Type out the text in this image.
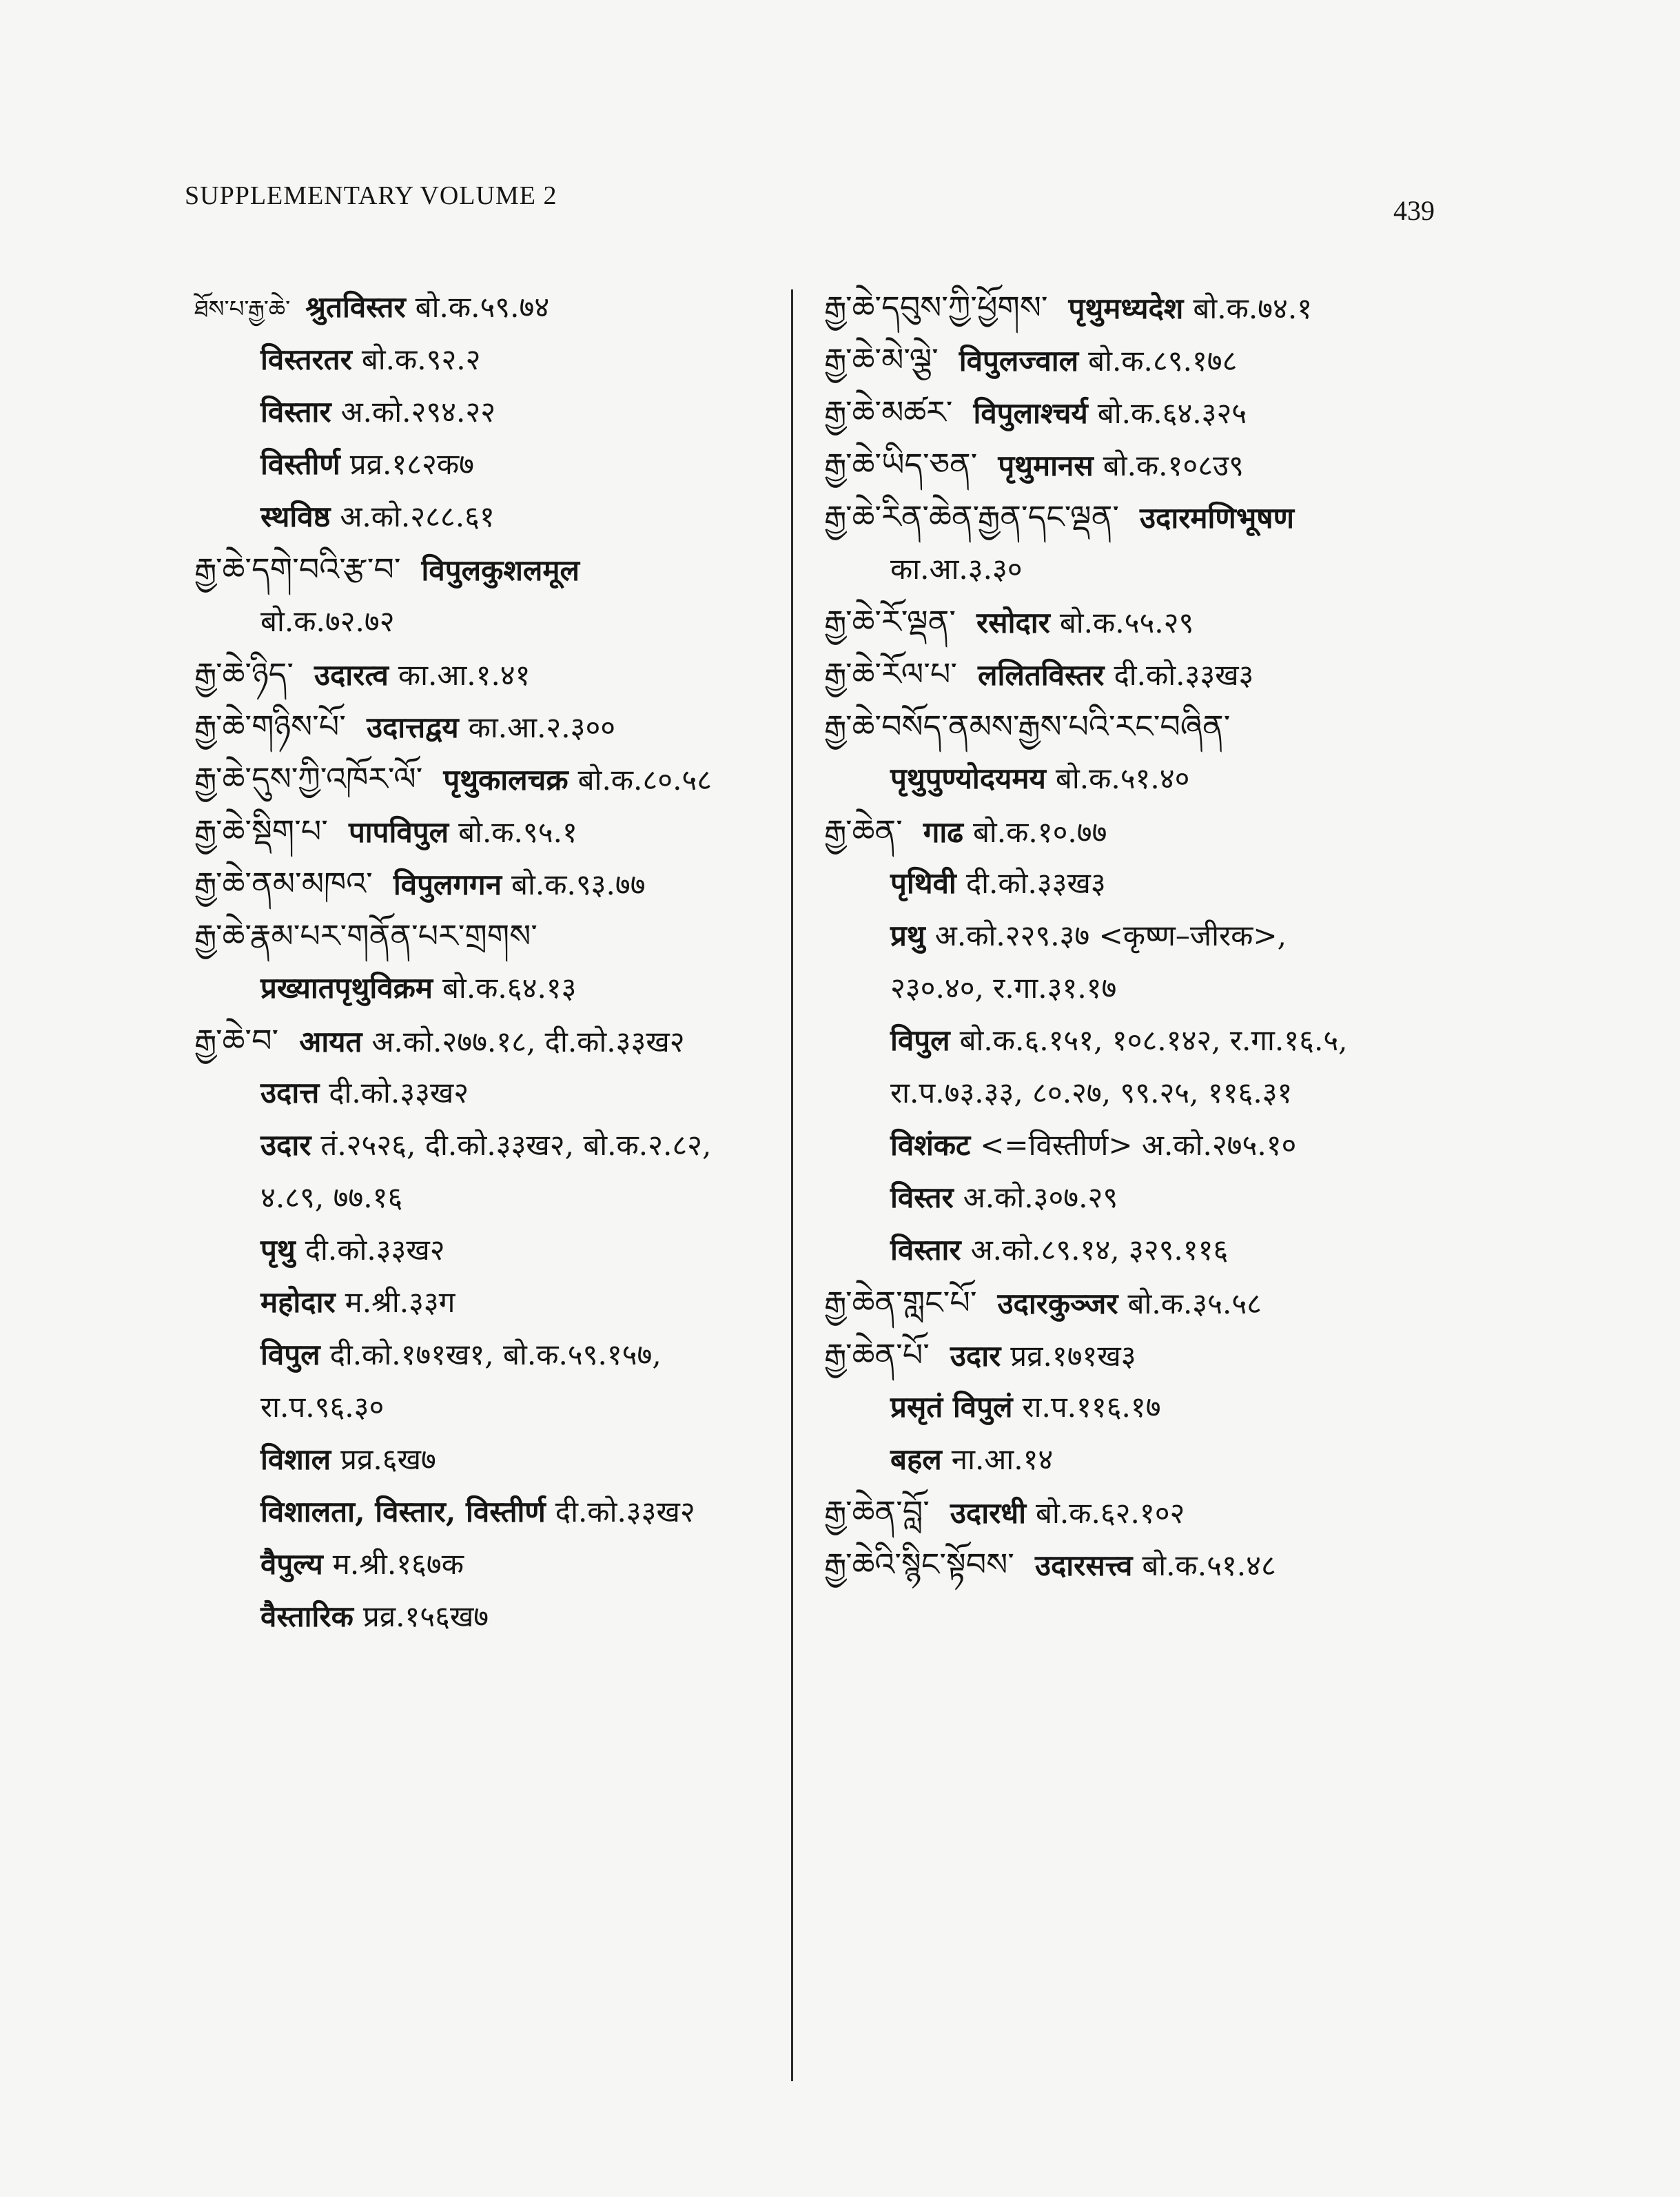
SUPPLEMENTARY VOLUME 2	439
ཐོས་པ་རྒྱ་ཆེ་ श्रुतविस्तर बो.क.५९.७४
विस्तरतर बो.क.९२.२
विस्तार अ.को.२९४.२२
विस्तीर्ण प्रव्र.१८२क७
स्थविष्ठ अ.को.२८८.६१
རྒྱ་ཆེ་དགེ་བའི་རྩ་བ་ विपुलकुशलमूल
बो.क.७२.७२
རྒྱ་ཆེ་ཉིད་ उदारत्व का.आ.१.४१
རྒྱ་ཆེ་གཉིས་པོ་ उदात्तद्वय का.आ.२.३००
རྒྱ་ཆེ་དུས་ཀྱི་འཁོར་ལོ་ पृथुकालचक्र बो.क.८०.५८
རྒྱ་ཆེ་སྡིག་པ་ पापविपुल बो.क.९५.१
རྒྱ་ཆེ་ནམ་མཁའ་ विपुलगगन बो.क.९३.७७
རྒྱ་ཆེ་རྣམ་པར་གནོན་པར་གྲགས་
प्रख्यातपृथुविक्रम बो.क.६४.१३
རྒྱ་ཆེ་བ་ आयत अ.को.२७७.१८, दी.को.३३ख२
उदात्त दी.को.३३ख२
उदार तं.२५२६, दी.को.३३ख२, बो.क.२.८२,
४.८९, ७७.१६
पृथु दी.को.३३ख२
महोदार म.श्री.३३ग
विपुल दी.को.१७१ख१, बो.क.५९.१५७,
रा.प.९६.३०
विशाल प्रव्र.६ख७
विशालता, विस्तार, विस्तीर्ण दी.को.३३ख२
वैपुल्य म.श्री.१६७क
वैस्तारिक प्रव्र.१५६ख७
རྒྱ་ཆེ་དབུས་ཀྱི་ཕྱོགས་ पृथुमध्यदेश बो.क.७४.१
རྒྱ་ཆེ་མེ་ལྕེ་ विपुलज्वाल बो.क.८९.१७८
རྒྱ་ཆེ་མཚར་ विपुलाश्चर्य बो.क.६४.३२५
རྒྱ་ཆེ་ཡིད་ཅན་ पृथुमानस बो.क.१०८उ९
རྒྱ་ཆེ་རིན་ཆེན་རྒྱན་དང་ལྡན་ उदारमणिभूषण
का.आ.३.३०
རྒྱ་ཆེ་རོ་ལྡན་ रसोदार बो.क.५५.२९
རྒྱ་ཆེ་རོལ་པ་ ललितविस्तर दी.को.३३ख३
རྒྱ་ཆེ་བསོད་ནམས་རྒྱས་པའི་རང་བཞིན་
पृथुपुण्योदयमय बो.क.५१.४०
རྒྱ་ཆེན་ गाढ बो.क.१०.७७
पृथिवी दी.को.३३ख३
प्रथु अ.को.२२९.३७ <कृष्ण–जीरक>,
२३०.४०, र.गा.३१.१७
विपुल बो.क.६.१५१, १०८.१४२, र.गा.१६.५,
रा.प.७३.३३, ८०.२७, ९९.२५, ११६.३१
विशंकट <=विस्तीर्ण> अ.को.२७५.१०
विस्तर अ.को.३०७.२९
विस्तार अ.को.८९.१४, ३२९.११६
རྒྱ་ཆེན་གླང་པོ་ उदारकुञ्जर बो.क.३५.५८
རྒྱ་ཆེན་པོ་ उदार प्रव्र.१७१ख३
प्रसृतं विपुलं रा.प.११६.१७
बहल ना.आ.१४
རྒྱ་ཆེན་བློ་ उदारधी बो.क.६२.१०२
རྒྱ་ཆེའི་སྙིང་སྟོབས་ उदारसत्त्व बो.क.५१.४८
